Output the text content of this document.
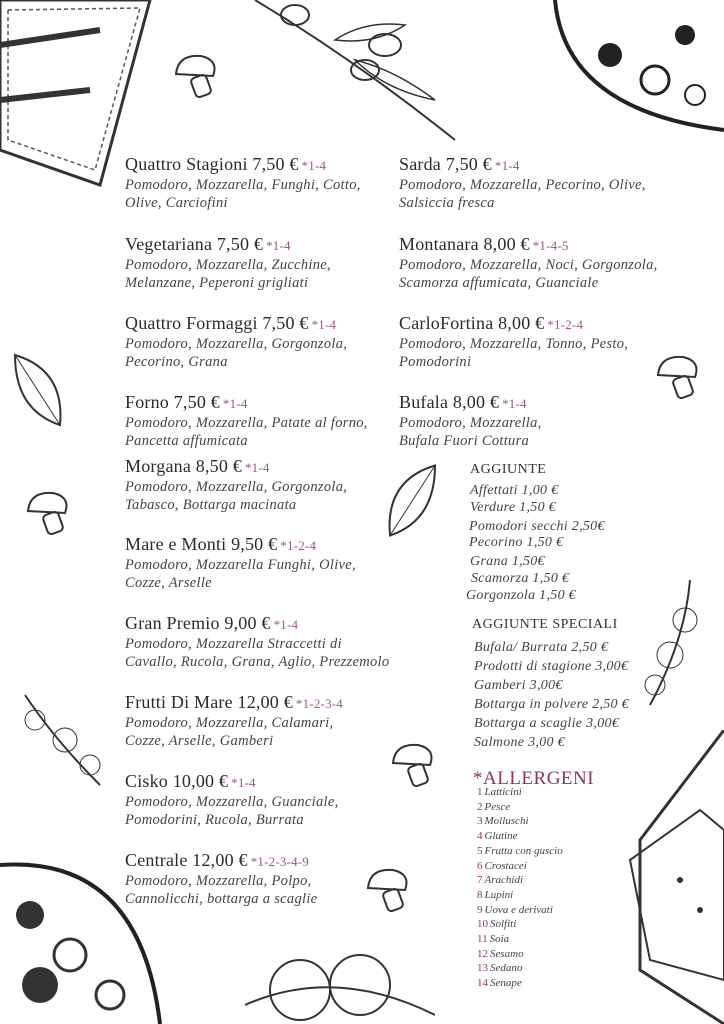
Quattro Stagioni 7,50 € *1-4
Pomodoro, Mozzarella, Funghi, Cotto,
Olive, Carciofini
Vegetariana 7,50 € *1-4
Pomodoro, Mozzarella, Zucchine,
Melanzane, Peperoni grigliati
Quattro Formaggi 7,50 € *1-4
Pomodoro, Mozzarella, Gorgonzola,
Pecorino, Grana
Forno 7,50 € *1-4
Pomodoro, Mozzarella, Patate al forno,
Pancetta affumicata
Morgana 8,50 € *1-4
Pomodoro, Mozzarella, Gorgonzola,
Tabasco, Bottarga macinata
Mare e Monti 9,50 € *1-2-4
Pomodoro, Mozzarella Funghi, Olive,
Cozze, Arselle
Gran Premio 9,00 € *1-4
Pomodoro, Mozzarella Straccetti di
Cavallo, Rucola, Grana, Aglio, Prezzemolo
Frutti Di Mare 12,00 € *1-2-3-4
Pomodoro, Mozzarella, Calamari,
Cozze, Arselle, Gamberi
Cisko 10,00 € *1-4
Pomodoro, Mozzarella, Guanciale,
Pomodorini, Rucola, Burrata
Centrale 12,00 € *1-2-3-4-9
Pomodoro, Mozzarella, Polpo,
Cannolicchi, bottarga a scaglie
Sarda 7,50 € *1-4
Pomodoro, Mozzarella, Pecorino, Olive,
Salsiccia fresca
Montanara 8,00 € *1-4-5
Pomodoro, Mozzarella, Noci, Gorgonzola,
Scamorza affumicata, Guanciale
CarloFortina 8,00 € *1-2-4
Pomodoro, Mozzarella, Tonno, Pesto,
Pomodorini
Bufala 8,00 € *1-4
Pomodoro, Mozzarella,
Bufala Fuori Cottura
AGGIUNTE
Affettati 1,00 €
Verdure 1,50 €
Pomodori secchi 2,50€
Pecorino 1,50 €
Grana 1,50€
Scamorza 1,50 €
Gorgonzola 1,50 €
AGGIUNTE SPECIALI
Bufala/ Burrata 2,50 €
Prodotti di stagione 3,00€
Gamberi 3,00€
Bottarga in polvere 2,50 €
Bottarga a scaglie 3,00€
Salmone 3,00 €
*ALLERGENI
1 Latticini
2 Pesce
3 Molluschi
4 Glutine
5 Frutta con guscio
6 Crostacei
7 Arachidi
8 Lupini
9 Uova e derivati
10 Solfiti
11 Soia
12 Sesamo
13 Sedano
14 Senape
